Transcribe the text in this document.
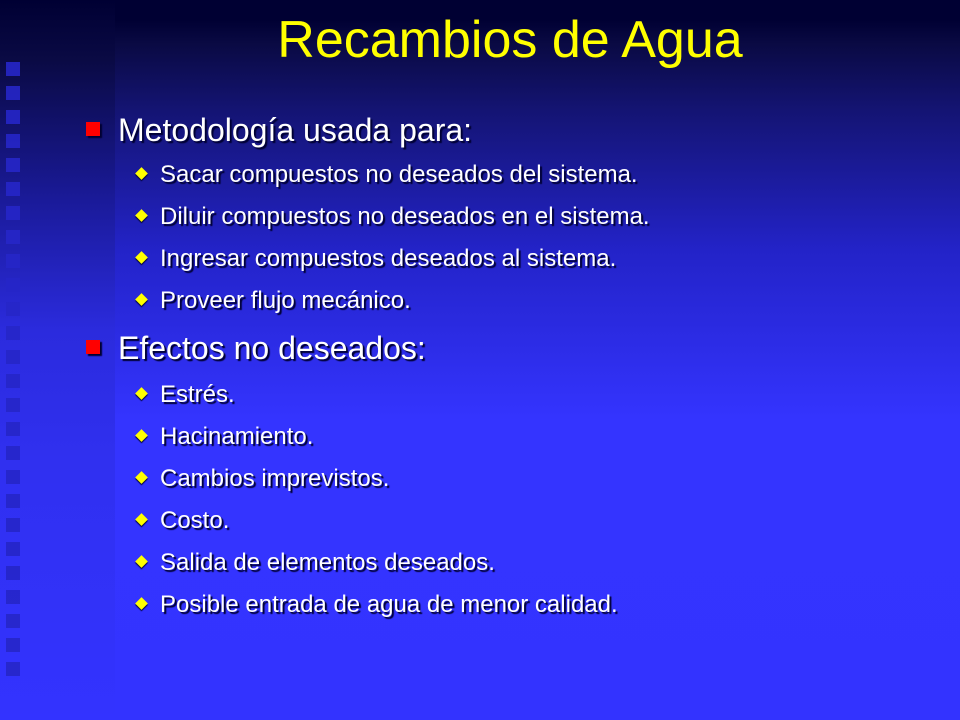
Recambios de Agua
Metodología usada para:
Sacar compuestos no deseados del sistema.
Diluir compuestos no deseados en el sistema.
Ingresar compuestos deseados al sistema.
Proveer flujo mecánico.
Efectos no deseados:
Estrés.
Hacinamiento.
Cambios imprevistos.
Costo.
Salida de elementos deseados.
Posible entrada de agua de menor calidad.
